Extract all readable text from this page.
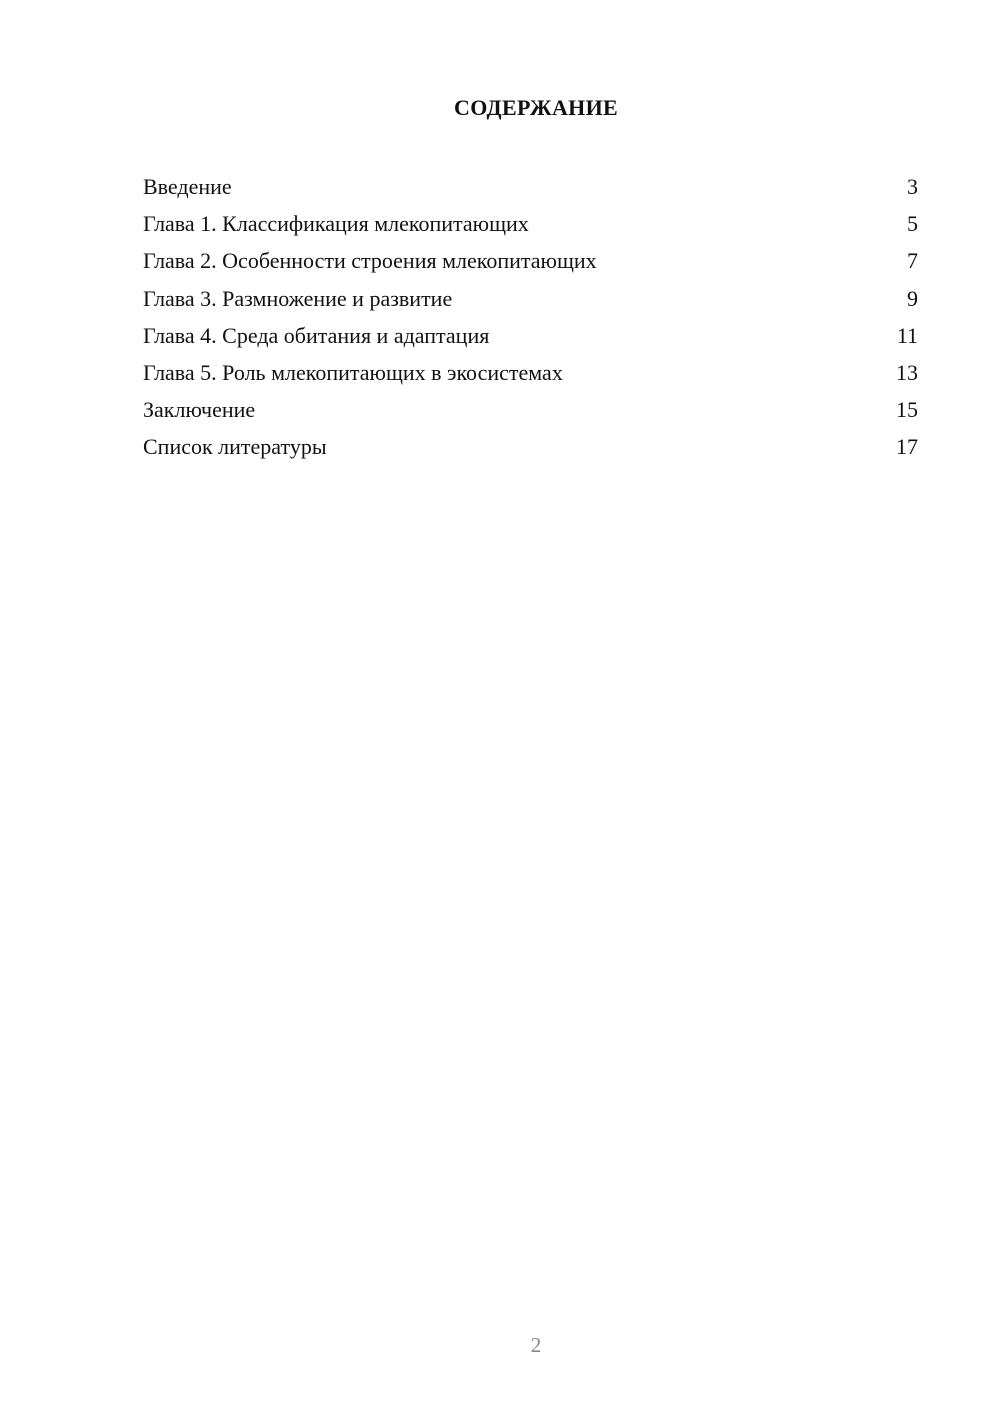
СОДЕРЖАНИЕ
Введение	3
Глава 1. Классификация млекопитающих	5
Глава 2. Особенности строения млекопитающих	7
Глава 3. Размножение и развитие	9
Глава 4. Среда обитания и адаптация	11
Глава 5. Роль млекопитающих в экосистемах	13
Заключение	15
Список литературы	17
2
